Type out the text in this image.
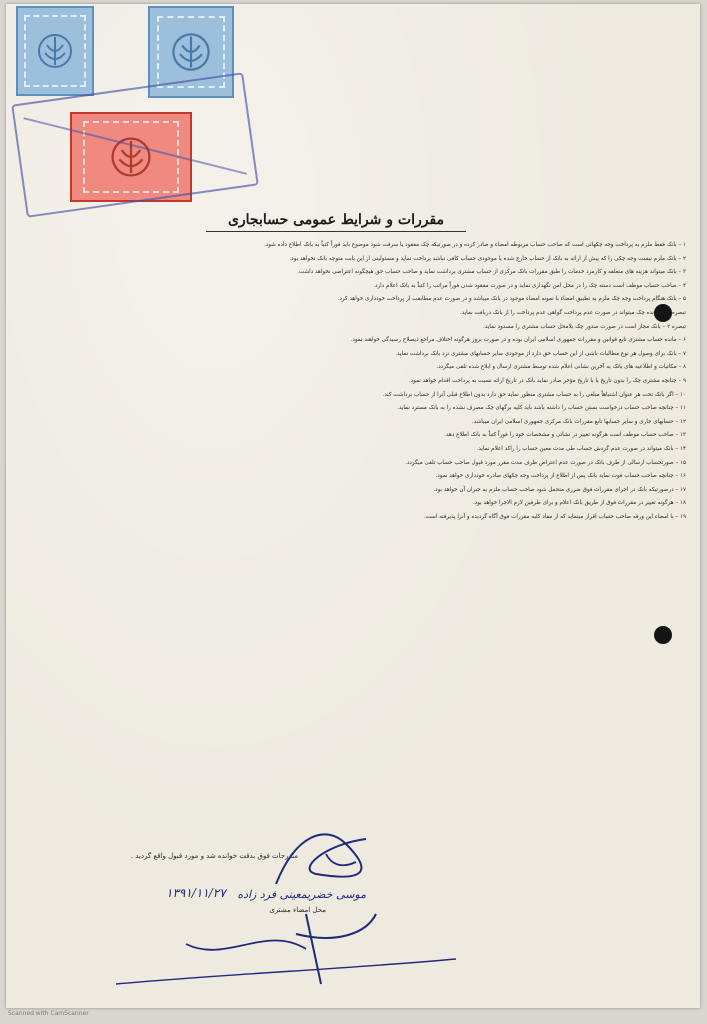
مقررات و شرایط عمومی حسابجاری

۱ – بانک فقط ملزم به پرداخت وجه چکهائی است که صاحب حساب مربوطه امضاء و صادر کرده و در صورتیکه چک مفقود یا سرقت شود موضوع باید فوراً کتباً به بانک اطلاع داده شود.

۲ – بانک ملزم نیست وجه چکی را که پیش از ارائه به بانک از حساب خارج شده یا موجودی حساب کافی نباشد پرداخت نماید و مسئولیتی از این بابت متوجه بانک نخواهد بود.

۳ – بانک میتواند هزینه های متعلقه و کارمزد خدمات را طبق مقررات بانک مرکزی از حساب مشتری برداشت نماید و صاحب حساب حق هیچگونه اعتراضی نخواهد داشت.

۴ – صاحب حساب موظف است دسته چک را در محل امن نگهداری نماید و در صورت مفقود شدن فوراً مراتب را کتباً به بانک اعلام دارد.

۵ – بانک هنگام پرداخت وجه چک ملزم به تطبیق امضاء با نمونه امضاء موجود در بانک میباشد و در صورت عدم مطابقت از پرداخت خودداری خواهد کرد.

تبصره ۱ – دارنده چک میتواند در صورت عدم پرداخت گواهی عدم پرداخت را از بانک دریافت نماید.

تبصره ۲ – بانک مجاز است در صورت صدور چک بلامحل حساب مشتری را مسدود نماید.

۶ – مانده حساب مشتری تابع قوانین و مقررات جمهوری اسلامی ایران بوده و در صورت بروز هرگونه اختلاف مراجع ذیصلاح رسیدگی خواهند نمود.

۷ – بانک برای وصول هر نوع مطالبات ناشی از این حساب حق دارد از موجودی سایر حسابهای مشتری نزد بانک برداشت نماید.

۸ – مکاتبات و اطلاعیه های بانک به آخرین نشانی اعلام شده توسط مشتری ارسال و ابلاغ شده تلقی میگردد.

۹ – چنانچه مشتری چک را بدون تاریخ یا با تاریخ مؤخر صادر نماید بانک در تاریخ ارائه نسبت به پرداخت اقدام خواهد نمود.

۱۰ – اگر بانک تحت هر عنوان اشتباهاً مبلغی را به حساب مشتری منظور نماید حق دارد بدون اطلاع قبلی آنرا از حساب برداشت کند.

۱۱ – چنانچه صاحب حساب درخواست بستن حساب را داشته باشد باید کلیه برگهای چک مصرف نشده را به بانک مسترد نماید.

۱۲ – حسابهای جاری و سایر حسابها تابع مقررات بانک مرکزی جمهوری اسلامی ایران میباشد.

۱۳ – صاحب حساب موظف است هرگونه تغییر در نشانی و مشخصات خود را فوراً کتباً به بانک اطلاع دهد.

۱۴ – بانک میتواند در صورت عدم گردش حساب طی مدت معین حساب را راکد اعلام نماید.

۱۵ – صورتحساب ارسالی از طرف بانک در صورت عدم اعتراض ظرف مدت مقرر مورد قبول صاحب حساب تلقی میگردد.

۱۶ – چنانچه صاحب حساب فوت نماید بانک پس از اطلاع از پرداخت وجه چکهای صادره خودداری خواهد نمود.

۱۷ – درصورتیکه بانک در اجرای مقررات فوق ضرری متحمل شود صاحب حساب ملزم به جبران آن خواهد بود.

۱۸ – هرگونه تغییر در مقررات فوق از طریق بانک اعلام و برای طرفین لازم الاجرا خواهد بود.

۱۹ – با امضاء این ورقه صاحب حساب اقرار مینماید که از مفاد کلیه مقررات فوق آگاه گردیده و آنرا پذیرفته است.

مندرجات فوق بدقت خوانده شد و مورد قبول واقع گردید .
۱۳۹۱/۱۱/۲۷ موسی خضریمعینی فرد زاده
محل امضاء مشتری
Scanned with CamScanner
